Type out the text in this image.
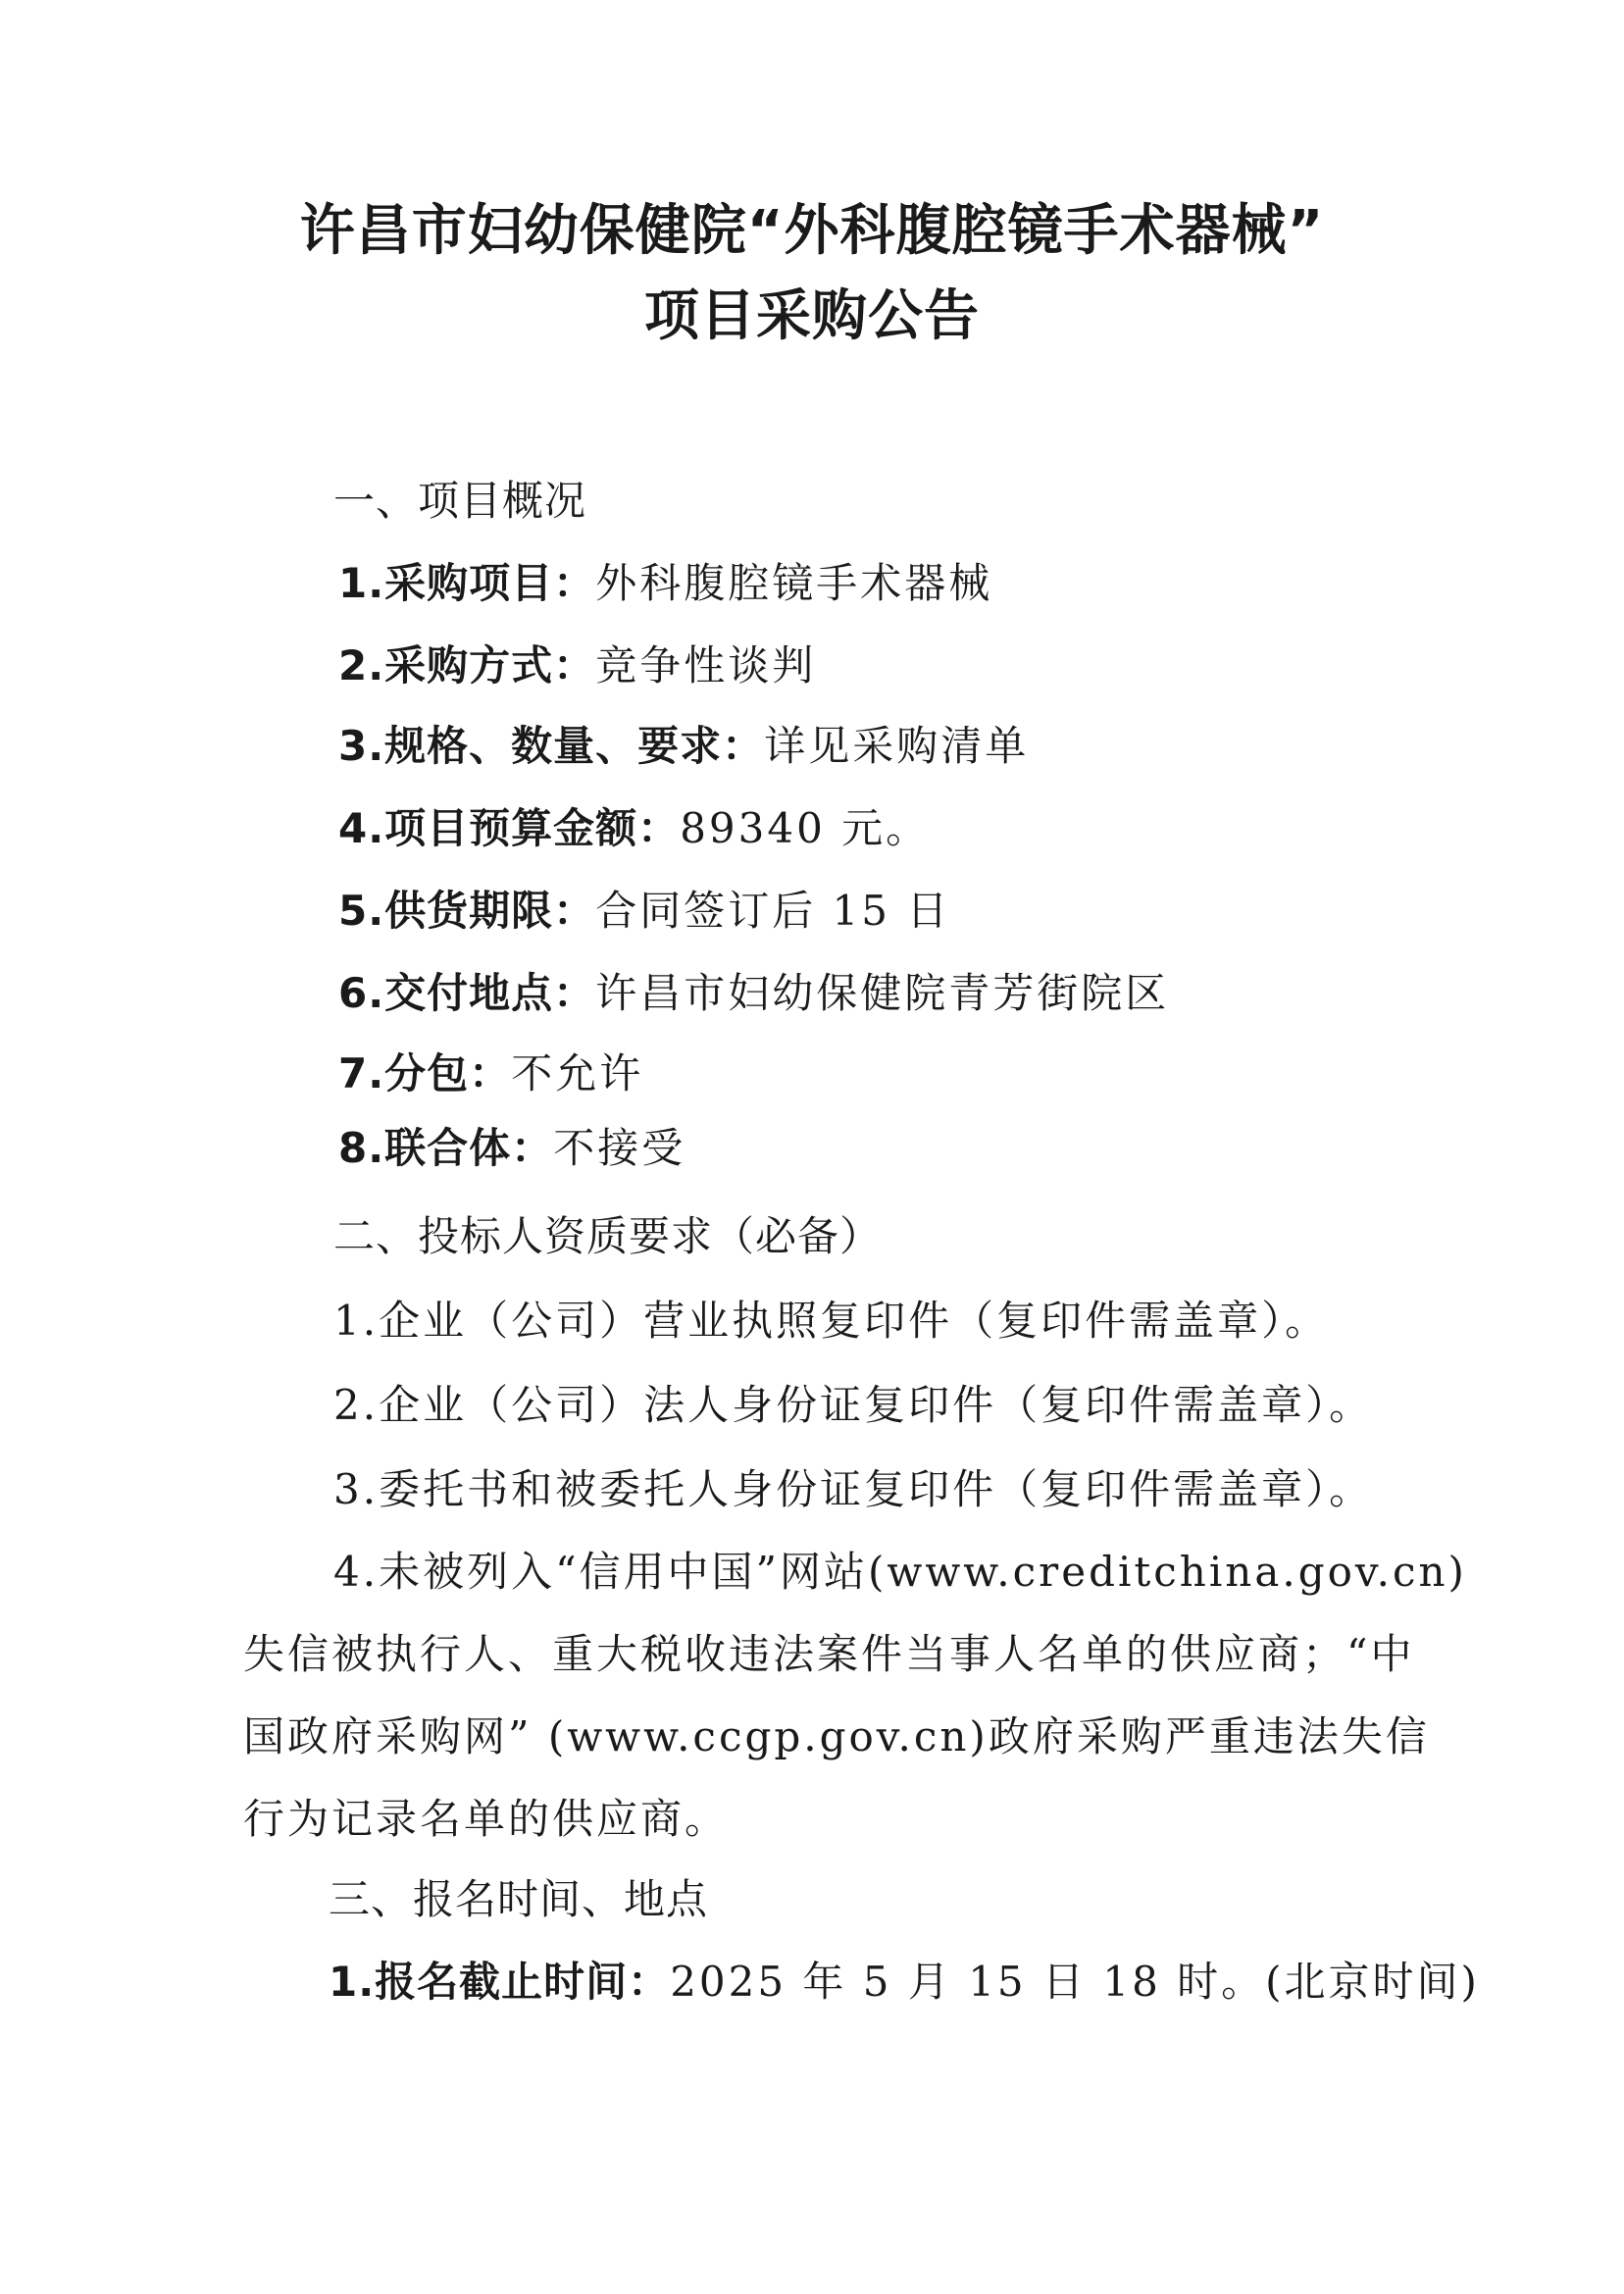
许昌市妇幼保健院“外科腹腔镜手术器械”
项目采购公告
一、项目概况
1.采购项目：外科腹腔镜手术器械
2.采购方式：竞争性谈判
3.规格、数量、要求：详见采购清单
4.项目预算金额：89340 元。
5.供货期限：合同签订后 15 日
6.交付地点：许昌市妇幼保健院青芳街院区
7.分包：不允许
8.联合体：不接受
二、投标人资质要求（必备）
1.企业（公司）营业执照复印件（复印件需盖章）。
2.企业（公司）法人身份证复印件（复印件需盖章）。
3.委托书和被委托人身份证复印件（复印件需盖章）。
4.未被列入“信用中国”网站(www.creditchina.gov.cn)
失信被执行人、重大税收违法案件当事人名单的供应商；“中
国政府采购网” (www.ccgp.gov.cn)政府采购严重违法失信
行为记录名单的供应商。
三、报名时间、地点
1.报名截止时间：2025 年 5 月 15 日 18 时。(北京时间)
